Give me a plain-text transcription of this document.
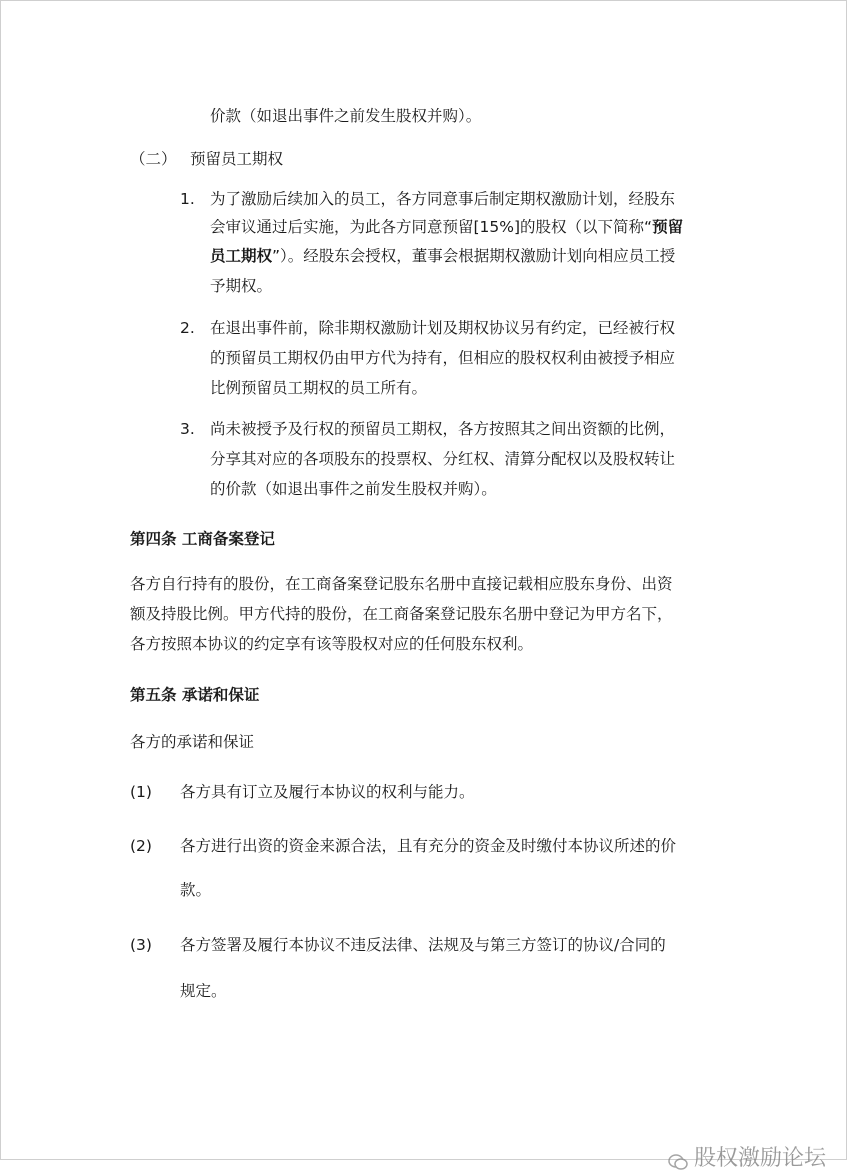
价款（如退出事件之前发生股权并购）。
（二） 预留员工期权
1. 为了激励后续加入的员工，各方同意事后制定期权激励计划，经股东
会审议通过后实施，为此各方同意预留[15%]的股权（以下简称“预留
员工期权”）。经股东会授权，董事会根据期权激励计划向相应员工授
予期权。
2. 在退出事件前，除非期权激励计划及期权协议另有约定，已经被行权
的预留员工期权仍由甲方代为持有，但相应的股权权利由被授予相应
比例预留员工期权的员工所有。
3. 尚未被授予及行权的预留员工期权，各方按照其之间出资额的比例，
分享其对应的各项股东的投票权、分红权、清算分配权以及股权转让
的价款（如退出事件之前发生股权并购）。
第四条 工商备案登记
各方自行持有的股份，在工商备案登记股东名册中直接记载相应股东身份、出资
额及持股比例。甲方代持的股份，在工商备案登记股东名册中登记为甲方名下，
各方按照本协议的约定享有该等股权对应的任何股东权利。
第五条 承诺和保证
各方的承诺和保证
(1) 各方具有订立及履行本协议的权利与能力。
(2) 各方进行出资的资金来源合法，且有充分的资金及时缴付本协议所述的价
款。
(3) 各方签署及履行本协议不违反法律、法规及与第三方签订的协议/合同的
规定。
股权激励论坛
